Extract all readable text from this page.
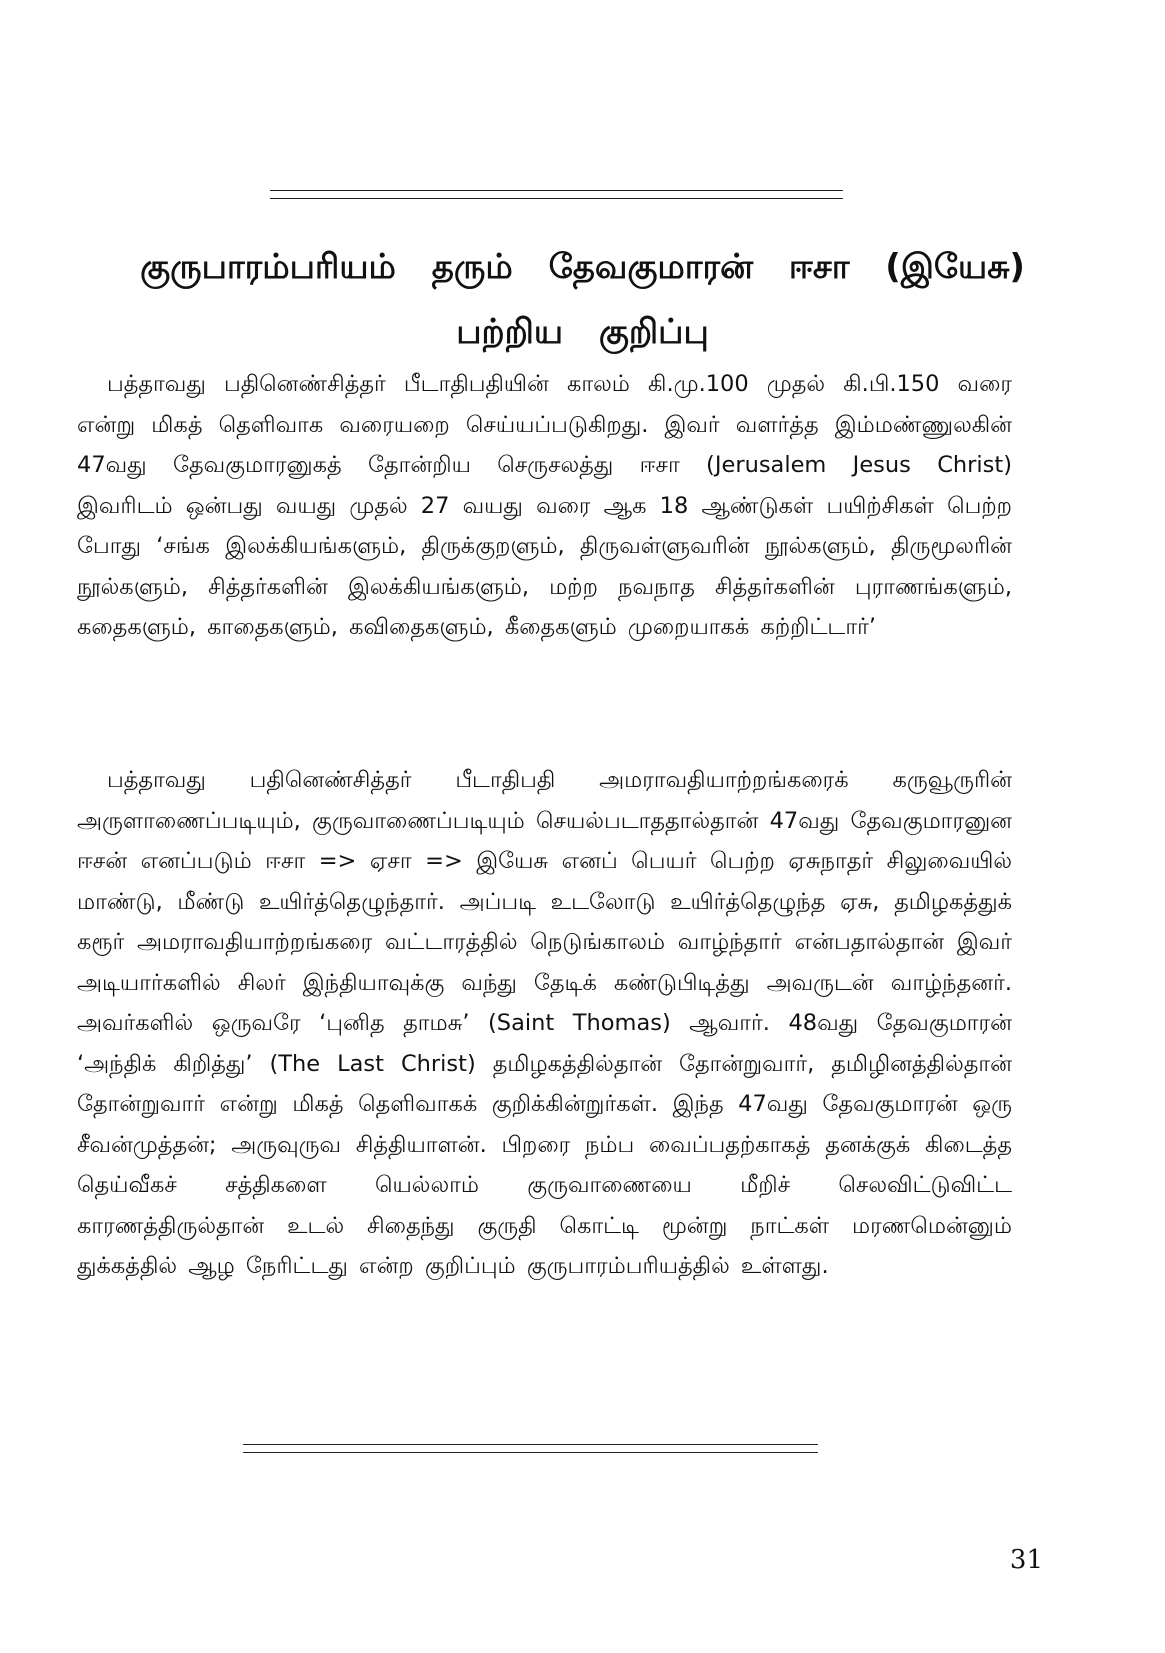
குருபாரம்பரியம் தரும் தேவகுமாரன் ஈசா (இயேசு) பற்றிய குறிப்பு

பத்தாவது பதினெண்சித்தர் பீடாதிபதியின் காலம் கி.மு.100 முதல் கி.பி.150 வரை என்று மிகத் தெளிவாக வரையறை செய்யப்படுகிறது. இவர் வளர்த்த இம்மண்ணுலகின் 47வது தேவகுமாரனுகத் தோன்றிய செருசலத்து ஈசா (Jerusalem Jesus Christ) இவரிடம் ஒன்பது வயது முதல் 27 வயது வரை ஆக 18 ஆண்டுகள் பயிற்சிகள் பெற்ற போது ‘சங்க இலக்கியங்களும், திருக்குறளும், திருவள்ளுவரின் நூல்களும், திருமூலரின் நூல்களும், சித்தர்களின் இலக்கியங்களும், மற்ற நவநாத சித்தர்களின் புராணங்களும், கதைகளும், காதைகளும், கவிதைகளும், கீதைகளும் முறையாகக் கற்றிட்டார்’

பத்தாவது பதினெண்சித்தர் பீடாதிபதி அமராவதியாற்றங்கரைக் கருவூருரின் அருளாணைப்படியும், குருவாணைப்படியும் செயல்படாததால்தான் 47வது தேவகுமாரனுன ஈசன் எனப்படும் ஈசா => ஏசா => இயேசு எனப் பெயர் பெற்ற ஏசுநாதர் சிலுவையில் மாண்டு, மீண்டு உயிர்த்தெழுந்தார். அப்படி உடலோடு உயிர்த்தெழுந்த ஏசு, தமிழகத்துக் கரூர் அமராவதியாற்றங்கரை வட்டாரத்தில் நெடுங்காலம் வாழ்ந்தார் என்பதால்தான் இவர் அடியார்களில் சிலர் இந்தியாவுக்கு வந்து தேடிக் கண்டுபிடித்து அவருடன் வாழ்ந்தனர். அவர்களில் ஒருவரே ‘புனித தாமசு’ (Saint Thomas) ஆவார். 48வது தேவகுமாரன் ‘அந்திக் கிறித்து’ (The Last Christ) தமிழகத்தில்தான் தோன்றுவார், தமிழினத்தில்தான் தோன்றுவார் என்று மிகத் தெளிவாகக் குறிக்கின்றுர்கள். இந்த 47வது தேவகுமாரன் ஒரு சீவன்முத்தன்; அருவுருவ சித்தியாளன். பிறரை நம்ப வைப்பதற்காகத் தனக்குக் கிடைத்த தெய்வீகச் சத்திகளை யெல்லாம் குருவாணையை மீறிச் செலவிட்டுவிட்ட காரணத்திருல்தான் உடல் சிதைந்து குருதி கொட்டி மூன்று நாட்கள் மரணமென்னும் துக்கத்தில் ஆழ நேரிட்டது என்ற குறிப்பும் குருபாரம்பரியத்தில் உள்ளது.

31
